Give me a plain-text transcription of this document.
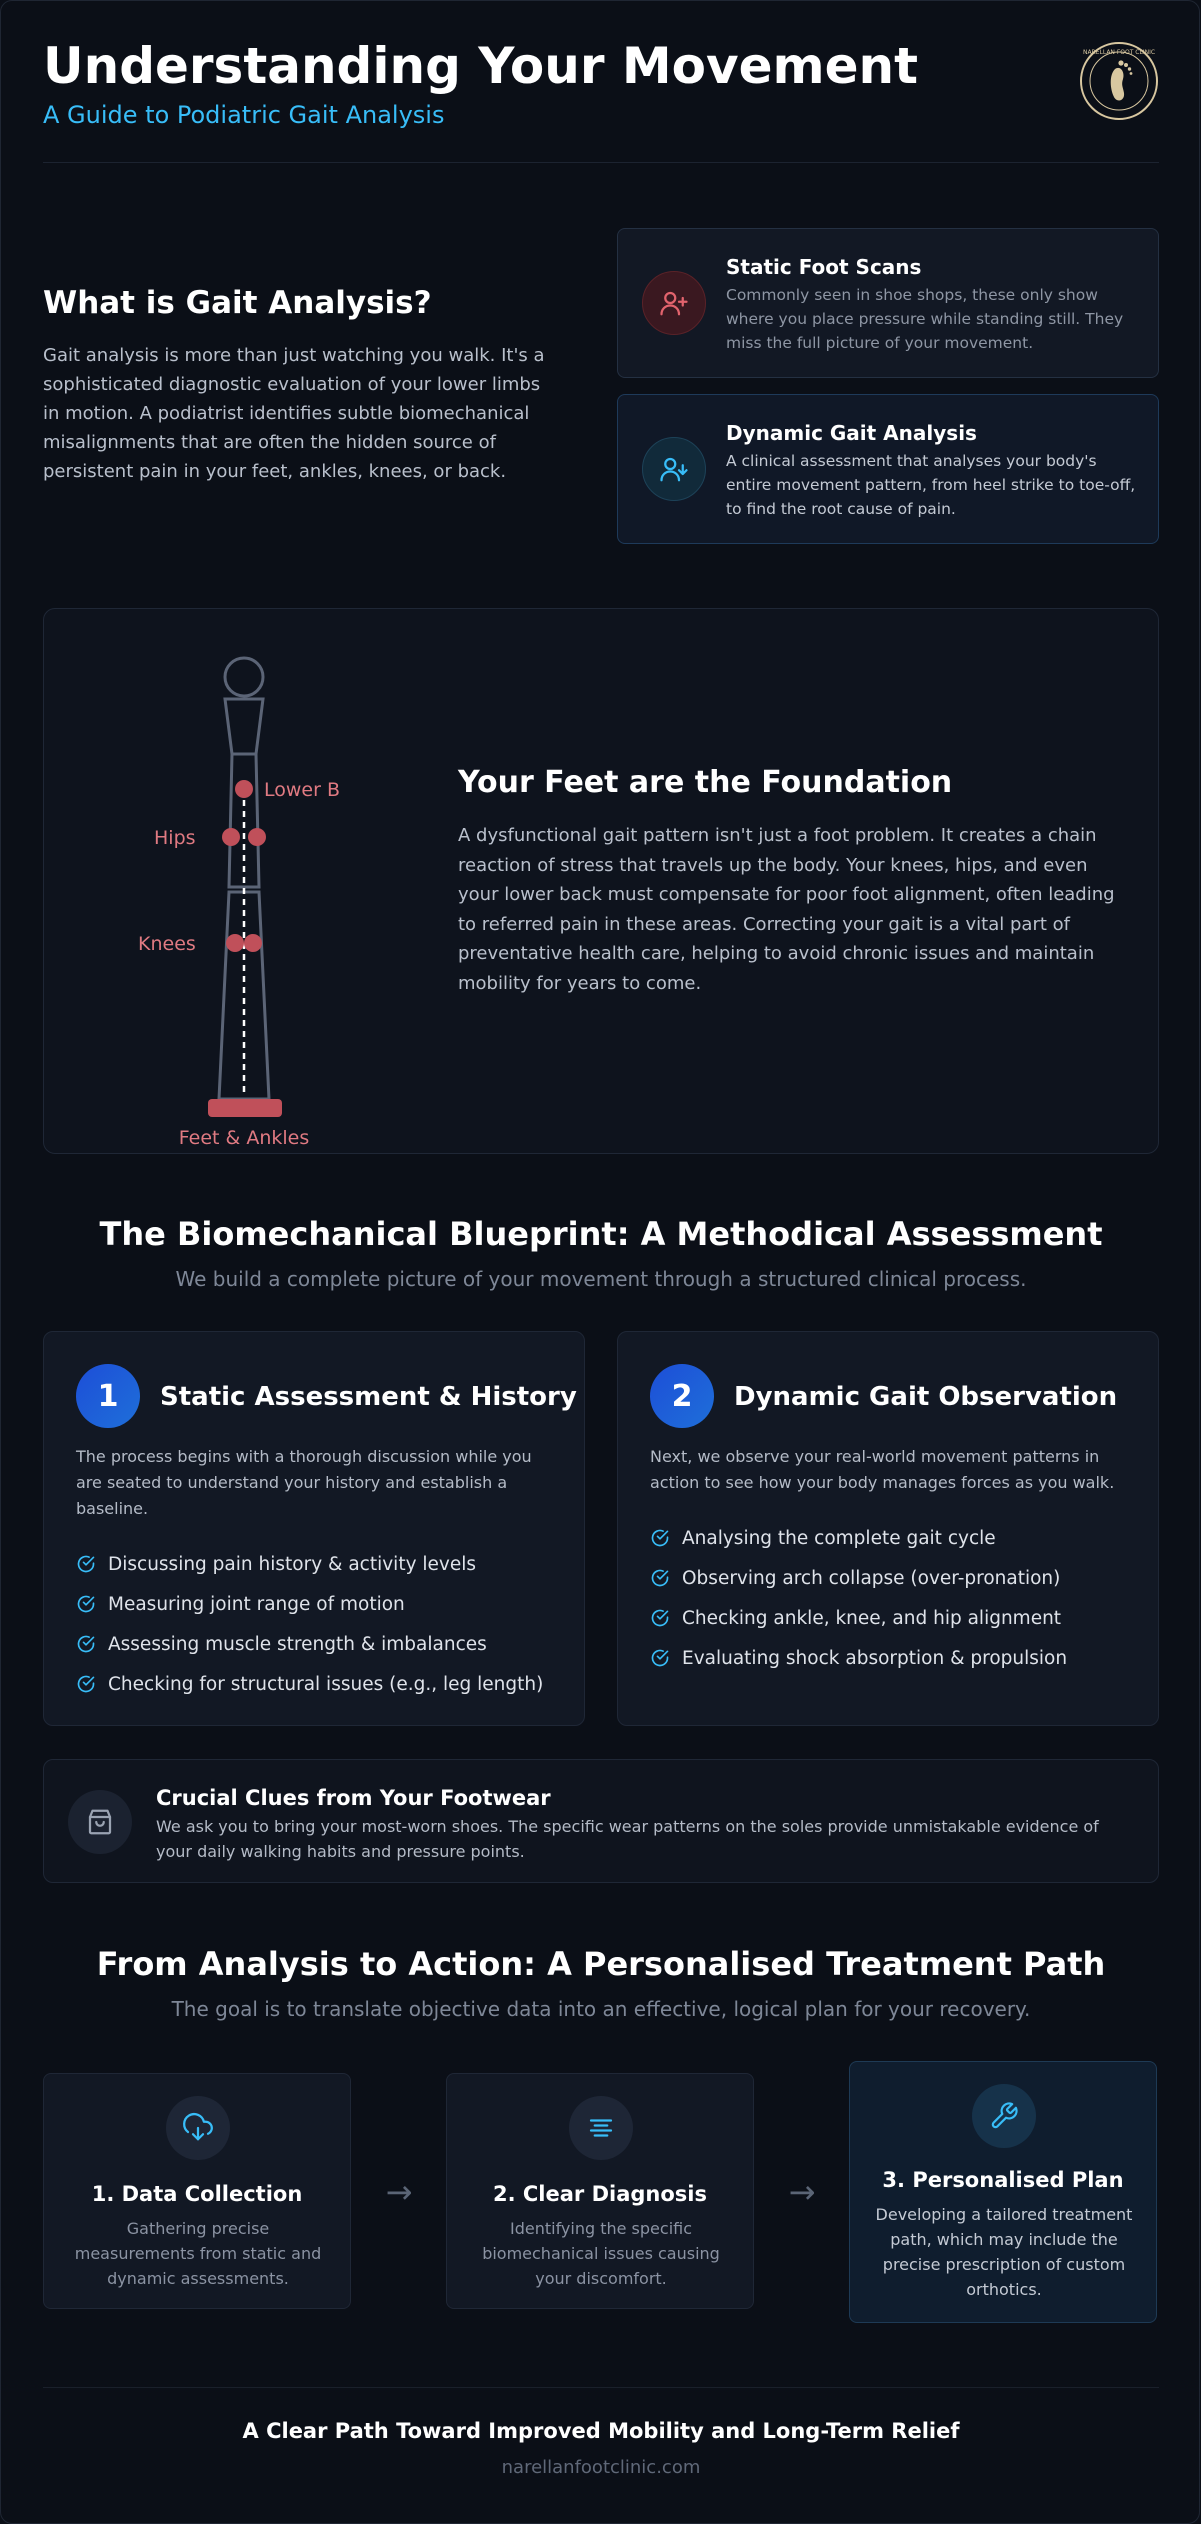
Understanding Your Movement
A Guide to Podiatric Gait Analysis
NARELLAN FOOT CLINIC
What is Gait Analysis?
Gait analysis is more than just watching you walk. It's a sophisticated diagnostic evaluation of your lower limbs in motion. A podiatrist identifies subtle biomechanical misalignments that are often the hidden source of persistent pain in your feet, ankles, knees, or back.
Static Foot Scans
Commonly seen in shoe shops, these only show where you place pressure while standing still. They miss the full picture of your movement.
Dynamic Gait Analysis
A clinical assessment that analyses your body's entire movement pattern, from heel strike to toe-off, to find the root cause of pain.
Lower B
Hips
Knees
Feet & Ankles
Your Feet are the Foundation
A dysfunctional gait pattern isn't just a foot problem. It creates a chain reaction of stress that travels up the body. Your knees, hips, and even your lower back must compensate for poor foot alignment, often leading to referred pain in these areas. Correcting your gait is a vital part of preventative health care, helping to avoid chronic issues and maintain mobility for years to come.
The Biomechanical Blueprint: A Methodical Assessment
We build a complete picture of your movement through a structured clinical process.
1	Static Assessment & History
The process begins with a thorough discussion while you are seated to understand your history and establish a baseline.
Discussing pain history & activity levels
Measuring joint range of motion
Assessing muscle strength & imbalances
Checking for structural issues (e.g., leg length)
2	Dynamic Gait Observation
Next, we observe your real-world movement patterns in action to see how your body manages forces as you walk.
Analysing the complete gait cycle
Observing arch collapse (over-pronation)
Checking ankle, knee, and hip alignment
Evaluating shock absorption & propulsion
Crucial Clues from Your Footwear
We ask you to bring your most-worn shoes. The specific wear patterns on the soles provide unmistakable evidence of your daily walking habits and pressure points.
From Analysis to Action: A Personalised Treatment Path
The goal is to translate objective data into an effective, logical plan for your recovery.
1. Data Collection
Gathering precise measurements from static and dynamic assessments.
→	2. Clear Diagnosis
Identifying the specific biomechanical issues causing your discomfort.
→	3. Personalised Plan
Developing a tailored treatment path, which may include the precise prescription of custom orthotics.
A Clear Path Toward Improved Mobility and Long-Term Relief
narellanfootclinic.com
